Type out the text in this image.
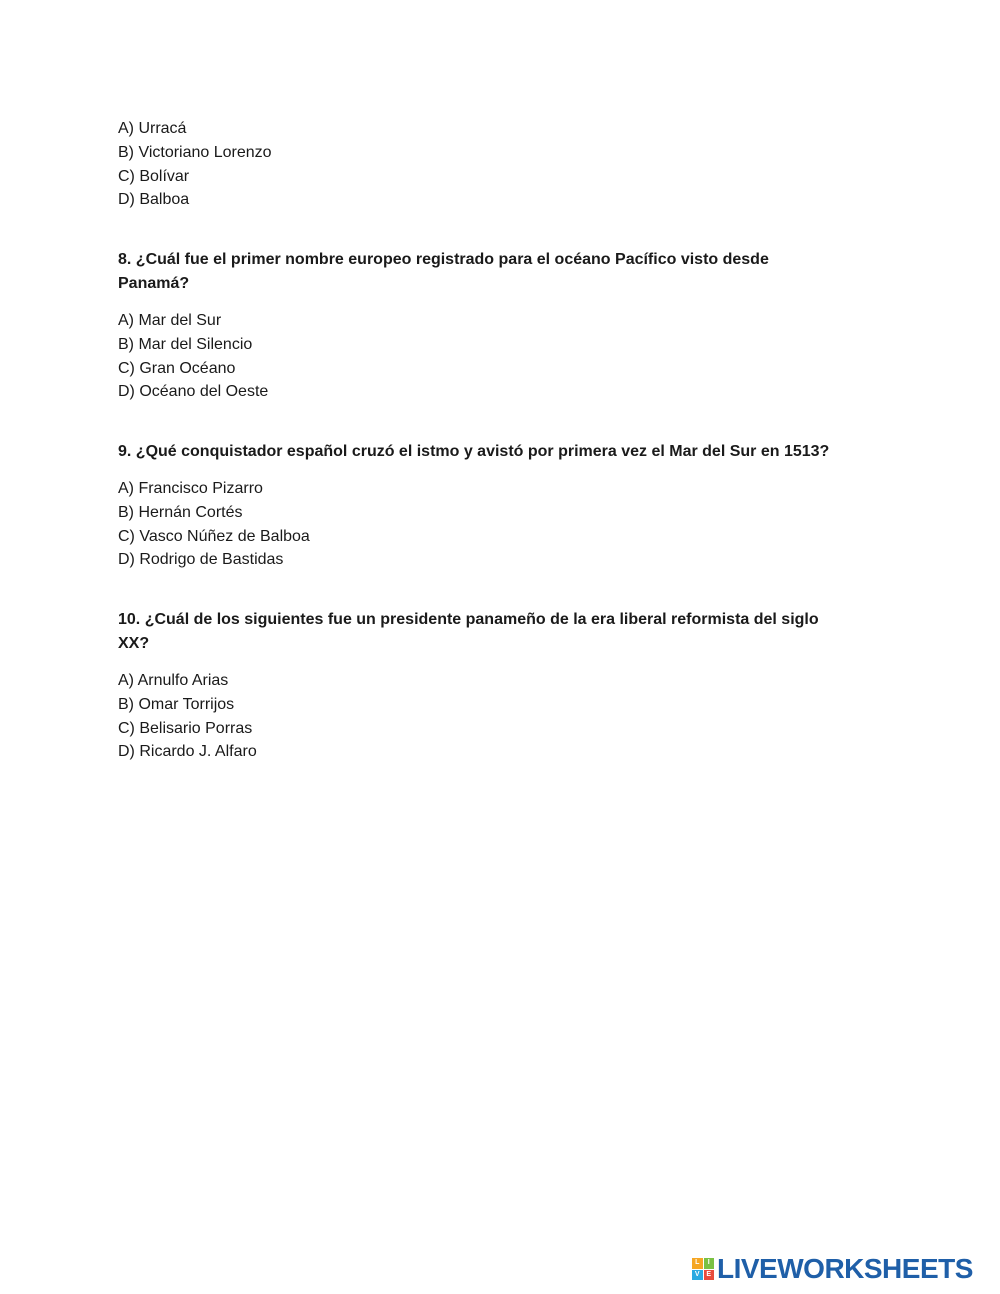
A) Urracá
B) Victoriano Lorenzo
C) Bolívar
D) Balboa
8. ¿Cuál fue el primer nombre europeo registrado para el océano Pacífico visto desde
Panamá?
A) Mar del Sur
B) Mar del Silencio
C) Gran Océano
D) Océano del Oeste
9. ¿Qué conquistador español cruzó el istmo y avistó por primera vez el Mar del Sur en 1513?
A) Francisco Pizarro
B) Hernán Cortés
C) Vasco Núñez de Balboa
D) Rodrigo de Bastidas
10. ¿Cuál de los siguientes fue un presidente panameño de la era liberal reformista del siglo
XX?
A) Arnulfo Arias
B) Omar Torrijos
C) Belisario Porras
D) Ricardo J. Alfaro
L	I
V E LIVEWORKSHEETS
